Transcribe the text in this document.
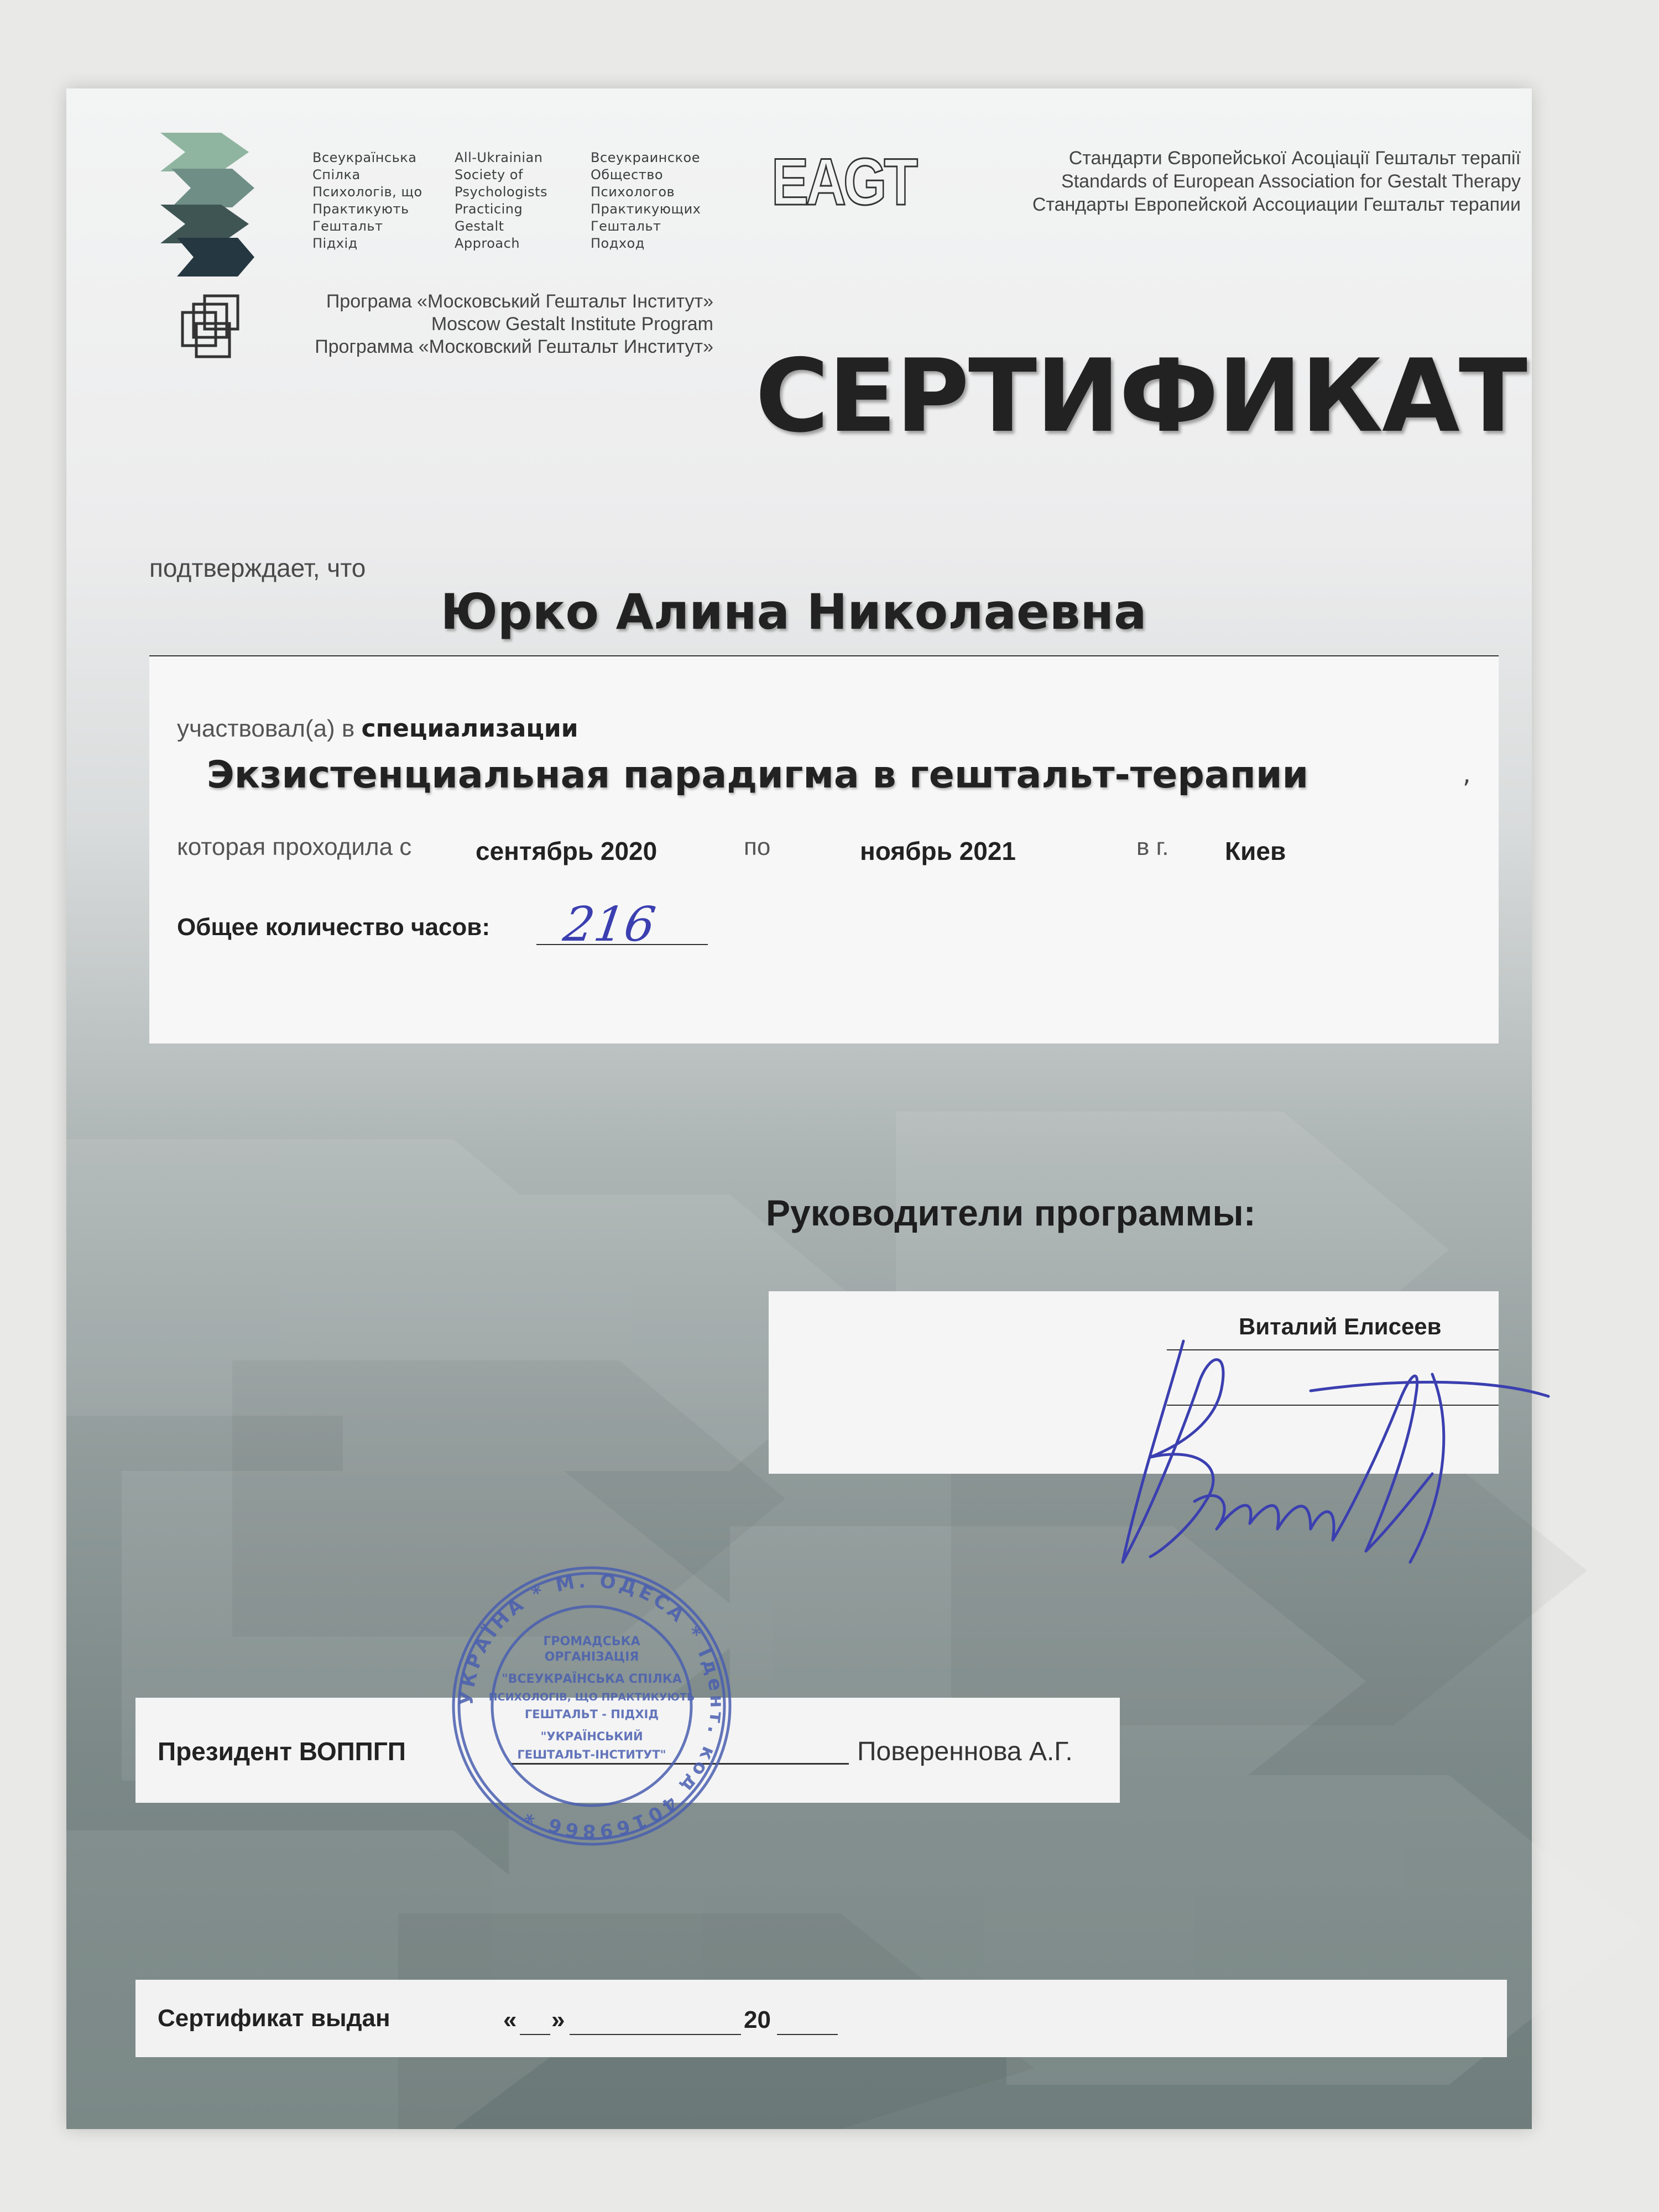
Всеукраїнська
Спілка
Психологів, що
Практикують
Гештальт
Підхід
All-Ukrainian
Society of
Psychologists
Practicing
Gestalt
Approach
Всеукраинское
Общество
Психологов
Практикующих
Гештальт
Подход
EAGT	Стандарти Європейської Асоціації Гештальт терапії
Standards of European Association for Gestalt Therapy
Стандарты Европейской Ассоциации Гештальт терапии
Програма «Московський Гештальт Інститут»
Moscow Gestalt Institute Program
Программа «Московский Гештальт Институт» СЕРТИФИКАТ
подтверждает, что
Юрко Алина Николаевна
участвовал(а) в специализации
Экзистенциальная парадигма в гештальт-терапии	,
которая проходила с	сентябрь 2020	по	ноябрь 2021	в г. Киев
Общее количество часов: 216
Руководители программы:
Виталий Елисеев
Президент ВОППГП	Повереннова А.Г.
УКРАЇНА * М. ОДЕСА * Ідент. код 40169866 *
ГРОМАДСЬКА
ОРГАНІЗАЦІЯ
"ВСЕУКРАЇНСЬКА СПІЛКА
ПСИХОЛОГІВ, ЩО ПРАКТИКУЮТЬ
ГЕШТАЛЬТ - ПІДХІД
"УКРАЇНСЬКИЙ
ГЕШТАЛЬТ-ІНСТИТУТ"
Сертификат выдан	« »	20
